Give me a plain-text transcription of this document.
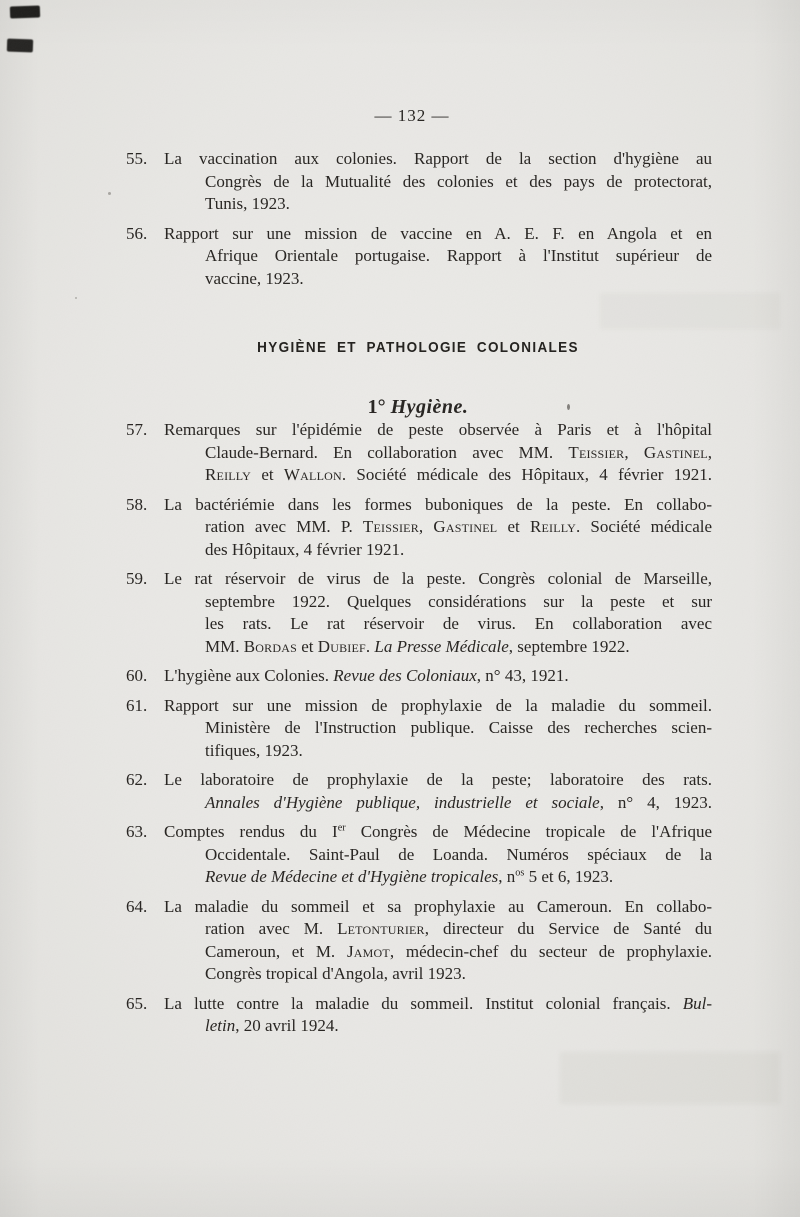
— 132 —
55. La vaccination aux colonies. Rapport de la section d'hygiène au
Congrès de la Mutualité des colonies et des pays de protectorat,
Tunis, 1923.
56. Rapport sur une mission de vaccine en A. E. F. en Angola et en
Afrique Orientale portugaise. Rapport à l'Institut supérieur de
vaccine, 1923.
HYGIÈNE ET PATHOLOGIE COLONIALES
1° Hygiène.
57. Remarques sur l'épidémie de peste observée à Paris et à l'hôpital
Claude-Bernard. En collaboration avec MM. Teissier, Gastinel,
Reilly et Wallon. Société médicale des Hôpitaux, 4 février 1921.
58. La bactériémie dans les formes buboniques de la peste. En collabo-
ration avec MM. P. Teissier, Gastinel et Reilly. Société médicale
des Hôpitaux, 4 février 1921.
59. Le rat réservoir de virus de la peste. Congrès colonial de Marseille,
septembre 1922. Quelques considérations sur la peste et sur
les rats. Le rat réservoir de virus. En collaboration avec
MM. Bordas et Dubief. La Presse Médicale, septembre 1922.
60. L'hygiène aux Colonies. Revue des Coloniaux, n° 43, 1921.
61. Rapport sur une mission de prophylaxie de la maladie du sommeil.
Ministère de l'Instruction publique. Caisse des recherches scien-
tifiques, 1923.
62. Le laboratoire de prophylaxie de la peste; laboratoire des rats.
Annales d'Hygiène publique, industrielle et sociale, n° 4, 1923.
63. Comptes rendus du Ier Congrès de Médecine tropicale de l'Afrique
Occidentale. Saint-Paul de Loanda. Numéros spéciaux de la
Revue de Médecine et d'Hygiène tropicales, $n^{os}$ 5 et 6, 1923.
64. La maladie du sommeil et sa prophylaxie au Cameroun. En collabo-
ration avec M. Letonturier, directeur du Service de Santé du
Cameroun, et M. Jamot, médecin-chef du secteur de prophylaxie.
Congrès tropical d'Angola, avril 1923.
65. La lutte contre la maladie du sommeil. Institut colonial français. Bul-
letin, 20 avril 1924.
